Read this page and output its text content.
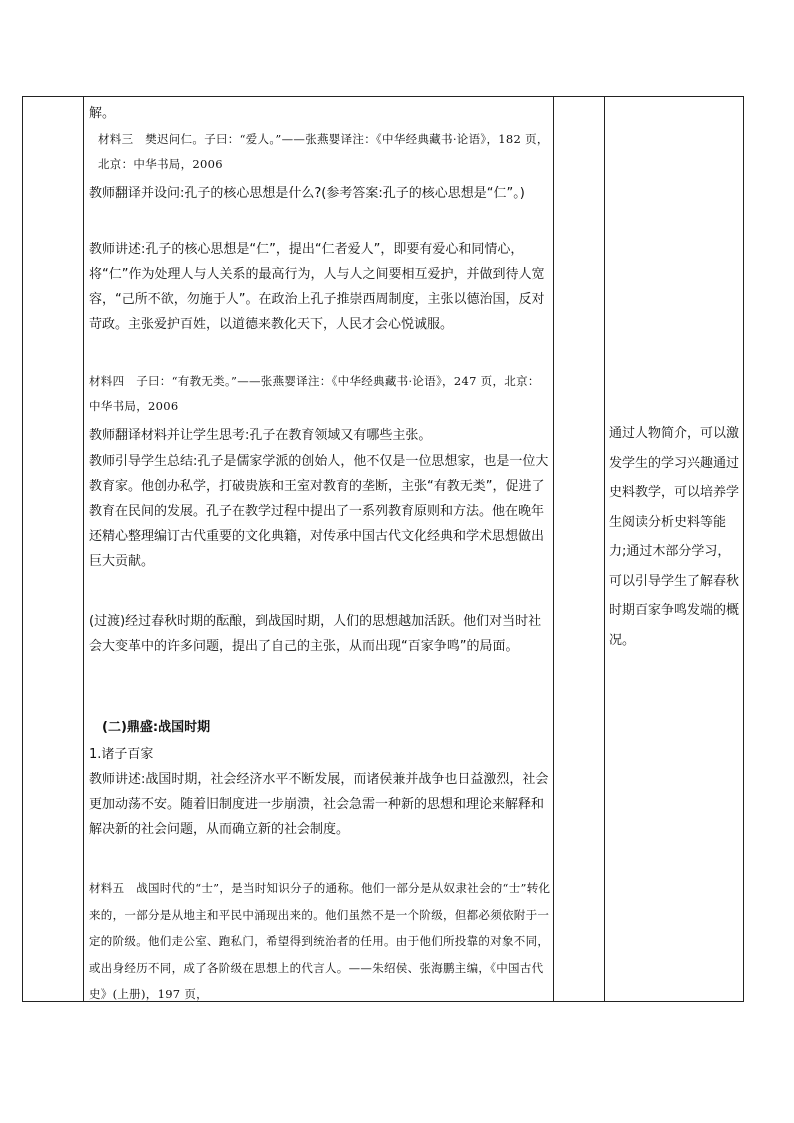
解。

材料三　樊迟问仁。子曰：“爱人。”——张燕婴译注：《中华经典藏书·论语》，182 页，北京：中华书局，2006

教师翻译并设问:孔子的核心思想是什么?(参考答案:孔子的核心思想是“仁”。)

教师讲述:孔子的核心思想是“仁”，提出“仁者爱人”，即要有爱心和同情心，将“仁”作为处理人与人关系的最高行为，人与人之间要相互爱护，并做到待人宽容，“己所不欲，勿施于人”。在政治上孔子推崇西周制度，主张以德治国，反对苛政。主张爱护百姓，以道德来教化天下，人民才会心悦诚服。

材料四　子曰：“有教无类。”——张燕婴译注：《中华经典藏书·论语》，247 页，北京：中华书局，2006

教师翻译材料并让学生思考:孔子在教育领域又有哪些主张。

教师引导学生总结:孔子是儒家学派的创始人，他不仅是一位思想家，也是一位大教育家。他创办私学，打破贵族和王室对教育的垄断，主张“有教无类”，促进了教育在民间的发展。孔子在教学过程中提出了一系列教育原则和方法。他在晚年还精心整理编订古代重要的文化典籍，对传承中国古代文化经典和学术思想做出巨大贡献。

(过渡)经过春秋时期的酝酿，到战国时期，人们的思想越加活跃。他们对当时社会大变革中的许多问题，提出了自己的主张，从而出现“百家争鸣”的局面。

(二)鼎盛:战国时期

1.诸子百家

教师讲述:战国时期，社会经济水平不断发展，而诸侯兼并战争也日益激烈，社会更加动荡不安。随着旧制度进一步崩溃，社会急需一种新的思想和理论来解释和解决新的社会问题，从而确立新的社会制度。

材料五　战国时代的“士”，是当时知识分子的通称。他们一部分是从奴隶社会的“士”转化来的，一部分是从地主和平民中涌现出来的。他们虽然不是一个阶级，但都必须依附于一定的阶级。他们走公室、跑私门，希望得到统治者的任用。由于他们所投靠的对象不同，或出身经历不同，成了各阶级在思想上的代言人。——朱绍侯、张海鹏主编，《中国古代史》(上册)，197 页，

通过人物简介，可以激发学生的学习兴趣通过史料教学，可以培养学生阅读分析史料等能力;通过木部分学习，可以引导学生了解春秋时期百家争鸣发端的概况。
